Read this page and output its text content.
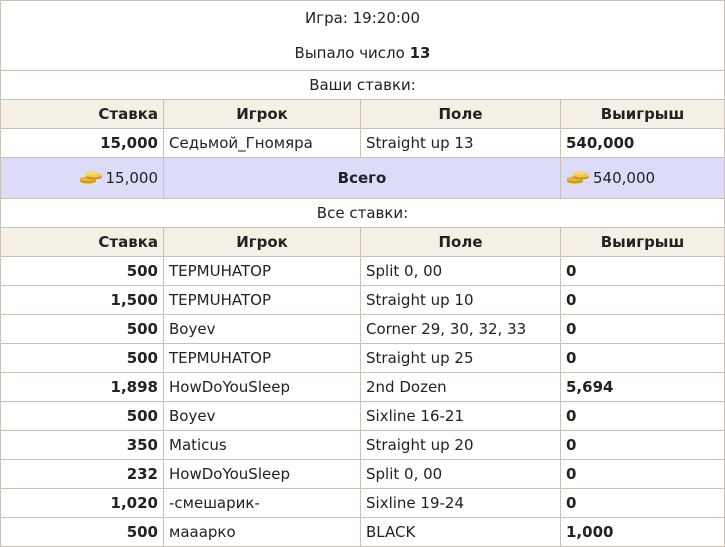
Игра: 19:20:00			
Выпало число 13			
Ваши ставки:			
Ставка	Игрок	Поле	Выигрыш
15,000	Седьмой_Гномяра	Straight up 13	540,000
15,000	Всего		540,000
Все ставки:			
Ставка	Игрок	Поле	Выигрыш
500	TEPMUHATOP	Split 0, 00	0
1,500	TEPMUHATOP	Straight up 10	0
500	Boyev	Corner 29, 30, 32, 33	0
500	TEPMUHATOP	Straight up 25	0
1,898	HowDoYouSleep	2nd Dozen	5,694
500	Boyev	Sixline 16-21	0
350	Maticus	Straight up 20	0
232	HowDoYouSleep	Split 0, 00	0
1,020	-смешарик-	Sixline 19-24	0
500	мааарко	BLACK	1,000
